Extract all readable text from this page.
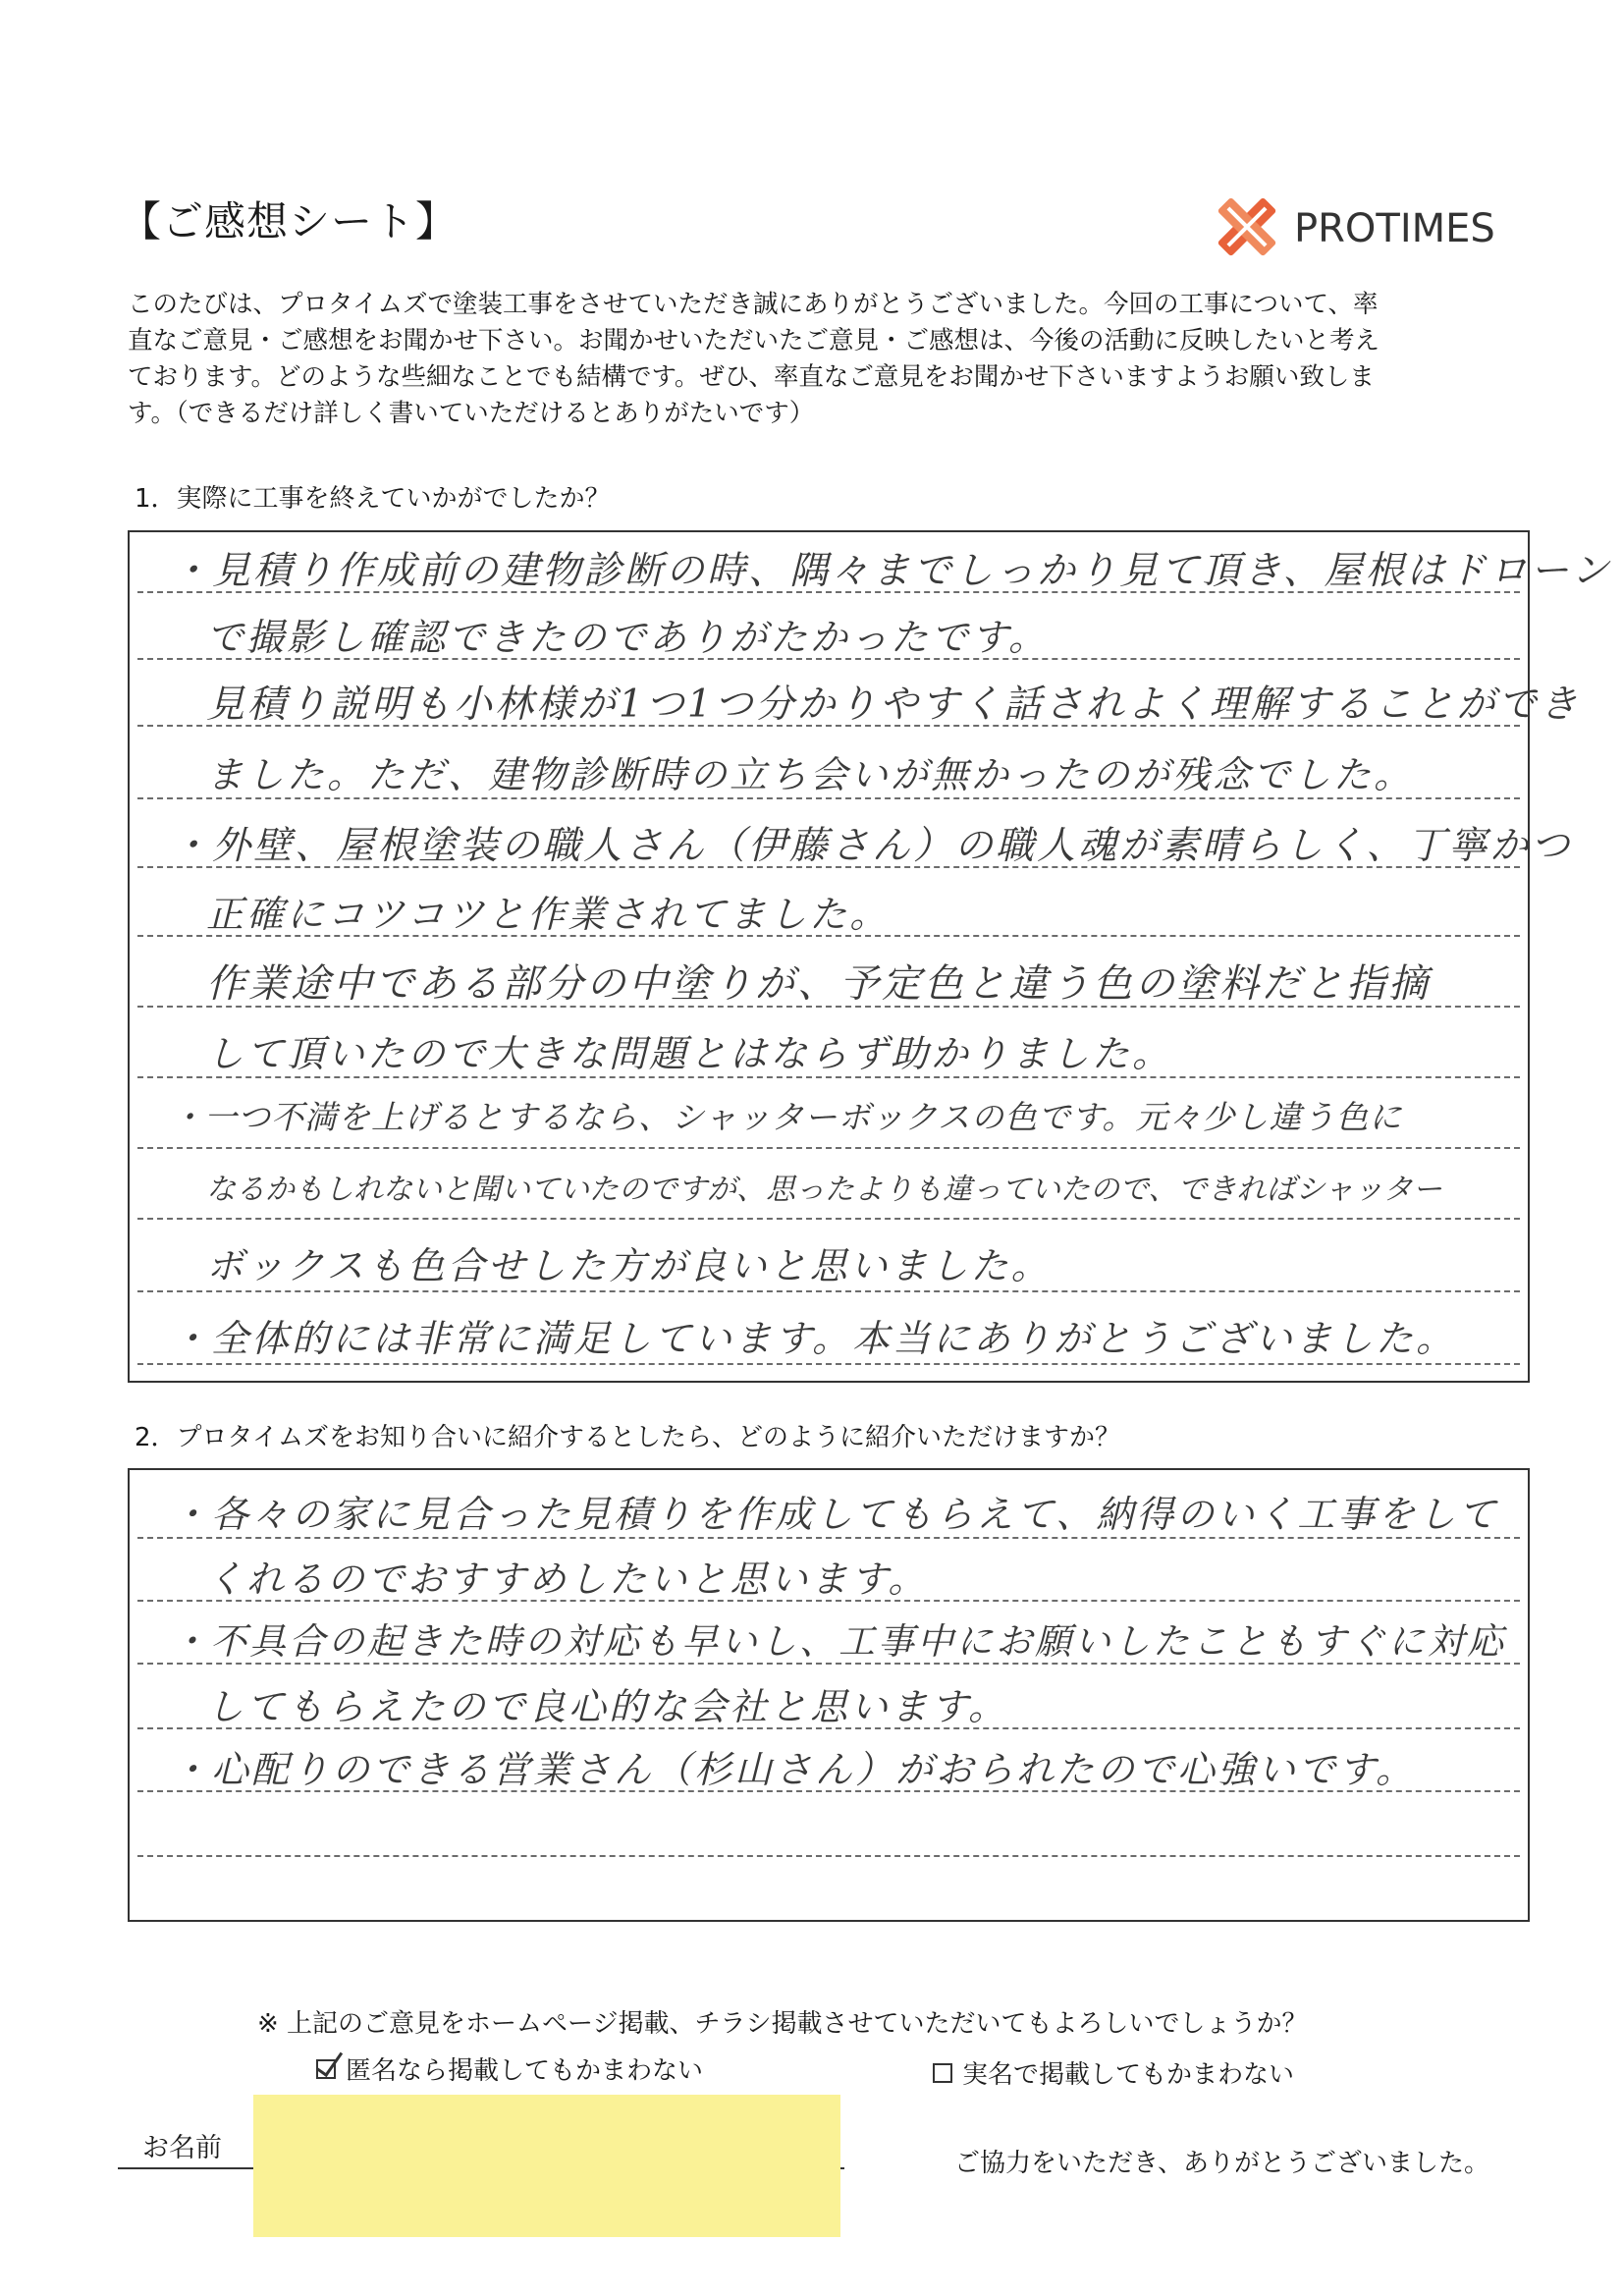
【ご感想シート】	PROTIMES

このたびは、プロタイムズで塗装工事をさせていただき誠にありがとうございました。今回の工事について、率

直なご意見・ご感想をお聞かせ下さい。お聞かせいただいたご意見・ご感想は、今後の活動に反映したいと考え

ております。どのような些細なことでも結構です。ぜひ、率直なご意見をお聞かせ下さいますようお願い致しま

す。（できるだけ詳しく書いていただけるとありがたいです）

1．実際に工事を終えていかがでしたか？
・見積り作成前の建物診断の時、隅々までしっかり見て頂き、屋根はドローン
で撮影し確認できたのでありがたかったです。
見積り説明も小林様が1つ1つ分かりやすく話されよく理解することができ
ました。ただ、建物診断時の立ち会いが無かったのが残念でした。
・外壁、屋根塗装の職人さん（伊藤さん）の職人魂が素晴らしく、丁寧かつ
正確にコツコツと作業されてました。
作業途中である部分の中塗りが、予定色と違う色の塗料だと指摘
して頂いたので大きな問題とはならず助かりました。
・一つ不満を上げるとするなら、シャッターボックスの色です。元々少し違う色に
なるかもしれないと聞いていたのですが、思ったよりも違っていたので、できればシャッター
ボックスも色合せした方が良いと思いました。
・全体的には非常に満足しています。本当にありがとうございました。
2．プロタイムズをお知り合いに紹介するとしたら、どのように紹介いただけますか？
・各々の家に見合った見積りを作成してもらえて、納得のいく工事をして
くれるのでおすすめしたいと思います。
・不具合の起きた時の対応も早いし、工事中にお願いしたこともすぐに対応
してもらえたので良心的な会社と思います。
・心配りのできる営業さん（杉山さん）がおられたので心強いです。
※ 上記のご意見をホームページ掲載、チラシ掲載させていただいてもよろしいでしょうか？
匿名なら掲載してもかまわない	実名で掲載してもかまわない
お名前	ご協力をいただき、ありがとうございました。
